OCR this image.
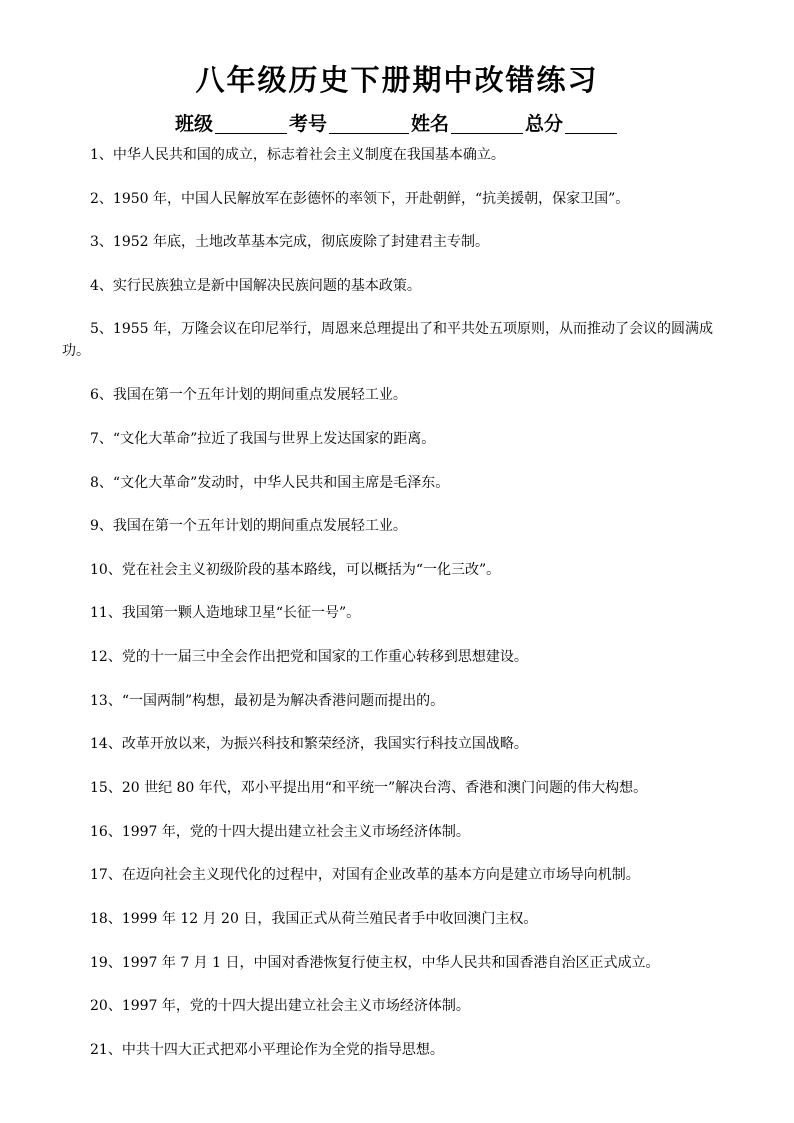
八年级历史下册期中改错练习
班级	考号	姓名	总分
1、中华人民共和国的成立，标志着社会主义制度在我国基本确立。
2、1950 年，中国人民解放军在彭德怀的率领下，开赴朝鲜，“抗美援朝，保家卫国”。
3、1952 年底，土地改革基本完成，彻底废除了封建君主专制。
4、实行民族独立是新中国解决民族问题的基本政策。
5、1955 年，万隆会议在印尼举行，周恩来总理提出了和平共处五项原则，从而推动了会议的圆满成功。
6、我国在第一个五年计划的期间重点发展轻工业。
7、“文化大革命”拉近了我国与世界上发达国家的距离。
8、“文化大革命”发动时，中华人民共和国主席是毛泽东。
9、我国在第一个五年计划的期间重点发展轻工业。
10、党在社会主义初级阶段的基本路线，可以概括为“一化三改”。
11、我国第一颗人造地球卫星“长征一号”。
12、党的十一届三中全会作出把党和国家的工作重心转移到思想建设。
13、“一国两制”构想，最初是为解决香港问题而提出的。
14、改革开放以来，为振兴科技和繁荣经济，我国实行科技立国战略。
15、20 世纪 80 年代，邓小平提出用“和平统一”解决台湾、香港和澳门问题的伟大构想。
16、1997 年，党的十四大提出建立社会主义市场经济体制。
17、在迈向社会主义现代化的过程中，对国有企业改革的基本方向是建立市场导向机制。
18、1999 年 12 月 20 日，我国正式从荷兰殖民者手中收回澳门主权。
19、1997 年 7 月 1 日，中国对香港恢复行使主权，中华人民共和国香港自治区正式成立。
20、1997 年，党的十四大提出建立社会主义市场经济体制。
21、中共十四大正式把邓小平理论作为全党的指导思想。
